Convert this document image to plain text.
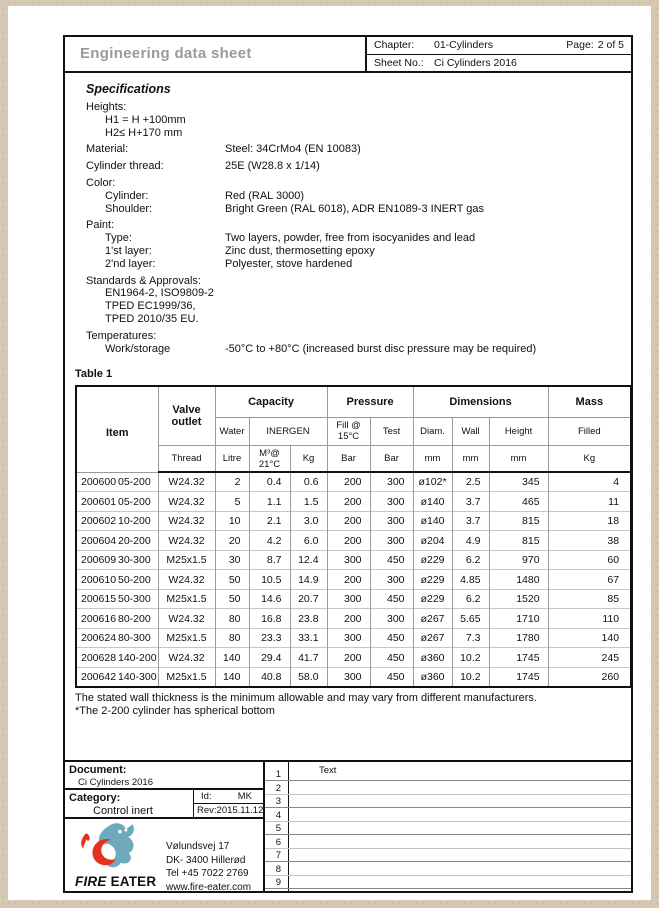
Engineering data sheet	Chapter:	01-Cylinders	Page: 2 of 5
Sheet No.: Ci Cylinders 2016
Specifications
Heights:
H1 = H +100mm
H2≤ H+170 mm
Material:	Steel: 34CrMo4 (EN 10083)
Cylinder thread:	25E (W28.8 x 1/14)
Color:
Cylinder:	Red (RAL 3000)
Shoulder:	Bright Green (RAL 6018), ADR EN1089-3 INERT gas
Paint:
Type:	Two layers, powder, free from isocyanides and lead
1'st layer:	Zinc dust, thermosetting epoxy
2'nd layer:	Polyester, stove hardened
Standards & Approvals:
EN1964-2, ISO9809-2
TPED EC1999/36, TPED 2010/35 EU.
Temperatures:
Work/storage	-50°C to +80°C (increased burst disc pressure may be required)
Table 1
Item	Valve outlet	Capacity			Pressure		Dimensions			Mass
		Water	INERGEN		Fill @
15°C	Test	Diam.	Wall	Height	Filled
	Thread	Litre	M³@
21°C	Kg	Bar	Bar	mm	mm	mm	Kg
200600 05-200	W24.32	2	0.4	0.6	200	300	ø102*	2.5	345	4
200601 05-200	W24.32	5	1.1	1.5	200	300	ø140	3.7	465	11
200602 10-200	W24.32	10	2.1	3.0	200	300	ø140	3.7	815	18
200604 20-200	W24.32	20	4.2	6.0	200	300	ø204	4.9	815	38
200609 30-300	M25x1.5	30	8.7	12.4	300	450	ø229	6.2	970	60
200610 50-200	W24.32	50	10.5	14.9	200	300	ø229	4.85	1480	67
200615 50-300	M25x1.5	50	14.6	20.7	300	450	ø229	6.2	1520	85
200616 80-200	W24.32	80	16.8	23.8	200	300	ø267	5.65	1710	110
200624 80-300	M25x1.5	80	23.3	33.1	300	450	ø267	7.3	1780	140
200628 140-200	W24.32	140	29.4	41.7	200	450	ø360	10.2	1745	245
200642 140-300	M25x1.5	140	40.8	58.0	300	450	ø360	10.2	1745	260
The stated wall thickness is the minimum allowable and may vary from different manufacturers.
*The 2-200 cylinder has spherical bottom
Document:
Ci Cylinders 2016
Category:
Control inert
Id:	MK
Rev:2015.11.12
FIRE EATER
Vølundsvej 17
DK- 3400 Hillerød
Tel +45 7022 2769
www.fire-eater.com
Text
1
2
3
4
5
6
7
8
9
